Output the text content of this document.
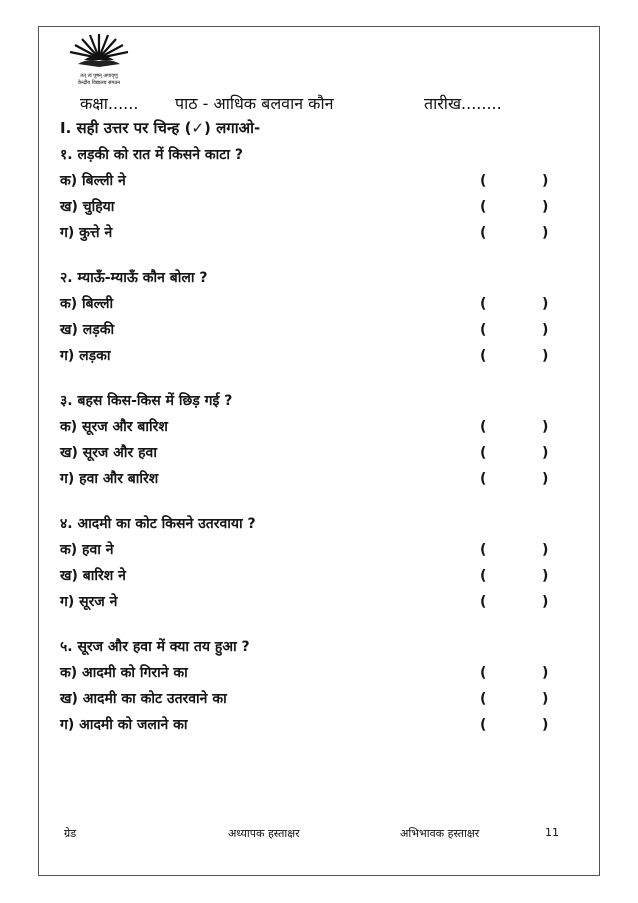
तत् त्वं पूषन् अपावृणु
केन्द्रीय विद्यालय संगठन
कक्षा...... पाठ - आधिक बलवान कौन	तारीख........
I. सही उत्तर पर चिन्ह (✓) लगाओ-
१. लड़की को रात में किसने काटा ?
क) बिल्ली ने	(	)
ख) चुहिया	(	)
ग) कुत्ते ने	(	)
२. म्याऊँ-म्याऊँ कौन बोला ?
क) बिल्ली	(	)
ख) लड़की	(	)
ग) लड़का	(	)
३. बहस किस-किस में छिड़ गई ?
क) सूरज और बारिश	(	)
ख) सूरज और हवा	(	)
ग) हवा और बारिश	(	)
४. आदमी का कोट किसने उतरवाया ?
क) हवा ने	(	)
ख) बारिश ने	(	)
ग) सूरज ने	(	)
५. सूरज और हवा में क्या तय हुआ ?
क) आदमी को गिराने का	(	)
ख) आदमी का कोट उतरवाने का	(	)
ग) आदमी को जलाने का	(	)
ग्रेड	अध्यापक हस्ताक्षर	अभिभावक हस्ताक्षर	11
